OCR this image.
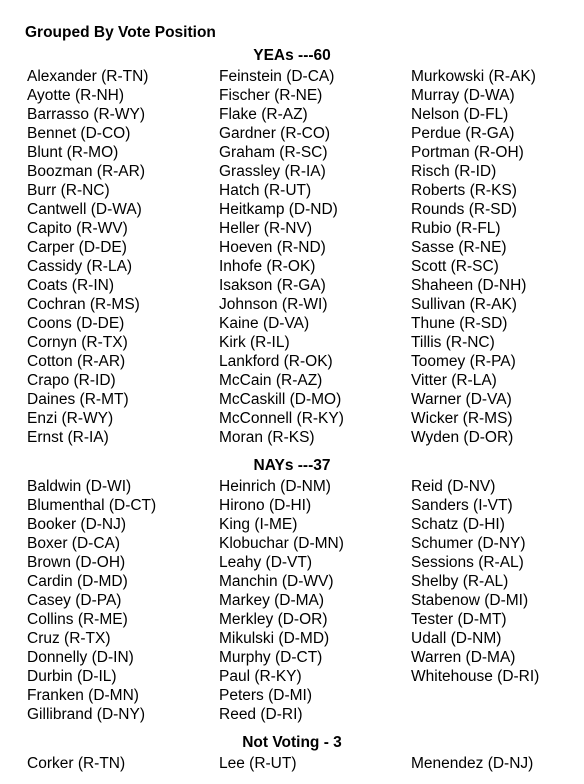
Grouped By Vote Position
YEAs ---60
Alexander (R-TN)
Ayotte (R-NH)
Barrasso (R-WY)
Bennet (D-CO)
Blunt (R-MO)
Boozman (R-AR)
Burr (R-NC)
Cantwell (D-WA)
Capito (R-WV)
Carper (D-DE)
Cassidy (R-LA)
Coats (R-IN)
Cochran (R-MS)
Coons (D-DE)
Cornyn (R-TX)
Cotton (R-AR)
Crapo (R-ID)
Daines (R-MT)
Enzi (R-WY)
Ernst (R-IA)
Feinstein (D-CA)
Fischer (R-NE)
Flake (R-AZ)
Gardner (R-CO)
Graham (R-SC)
Grassley (R-IA)
Hatch (R-UT)
Heitkamp (D-ND)
Heller (R-NV)
Hoeven (R-ND)
Inhofe (R-OK)
Isakson (R-GA)
Johnson (R-WI)
Kaine (D-VA)
Kirk (R-IL)
Lankford (R-OK)
McCain (R-AZ)
McCaskill (D-MO)
McConnell (R-KY)
Moran (R-KS)
Murkowski (R-AK)
Murray (D-WA)
Nelson (D-FL)
Perdue (R-GA)
Portman (R-OH)
Risch (R-ID)
Roberts (R-KS)
Rounds (R-SD)
Rubio (R-FL)
Sasse (R-NE)
Scott (R-SC)
Shaheen (D-NH)
Sullivan (R-AK)
Thune (R-SD)
Tillis (R-NC)
Toomey (R-PA)
Vitter (R-LA)
Warner (D-VA)
Wicker (R-MS)
Wyden (D-OR)
NAYs ---37
Baldwin (D-WI)
Blumenthal (D-CT)
Booker (D-NJ)
Boxer (D-CA)
Brown (D-OH)
Cardin (D-MD)
Casey (D-PA)
Collins (R-ME)
Cruz (R-TX)
Donnelly (D-IN)
Durbin (D-IL)
Franken (D-MN)
Gillibrand (D-NY)
Heinrich (D-NM)
Hirono (D-HI)
King (I-ME)
Klobuchar (D-MN)
Leahy (D-VT)
Manchin (D-WV)
Markey (D-MA)
Merkley (D-OR)
Mikulski (D-MD)
Murphy (D-CT)
Paul (R-KY)
Peters (D-MI)
Reed (D-RI)
Reid (D-NV)
Sanders (I-VT)
Schatz (D-HI)
Schumer (D-NY)
Sessions (R-AL)
Shelby (R-AL)
Stabenow (D-MI)
Tester (D-MT)
Udall (D-NM)
Warren (D-MA)
Whitehouse (D-RI)
Not Voting - 3
Corker (R-TN)	Lee (R-UT)	Menendez (D-NJ)
